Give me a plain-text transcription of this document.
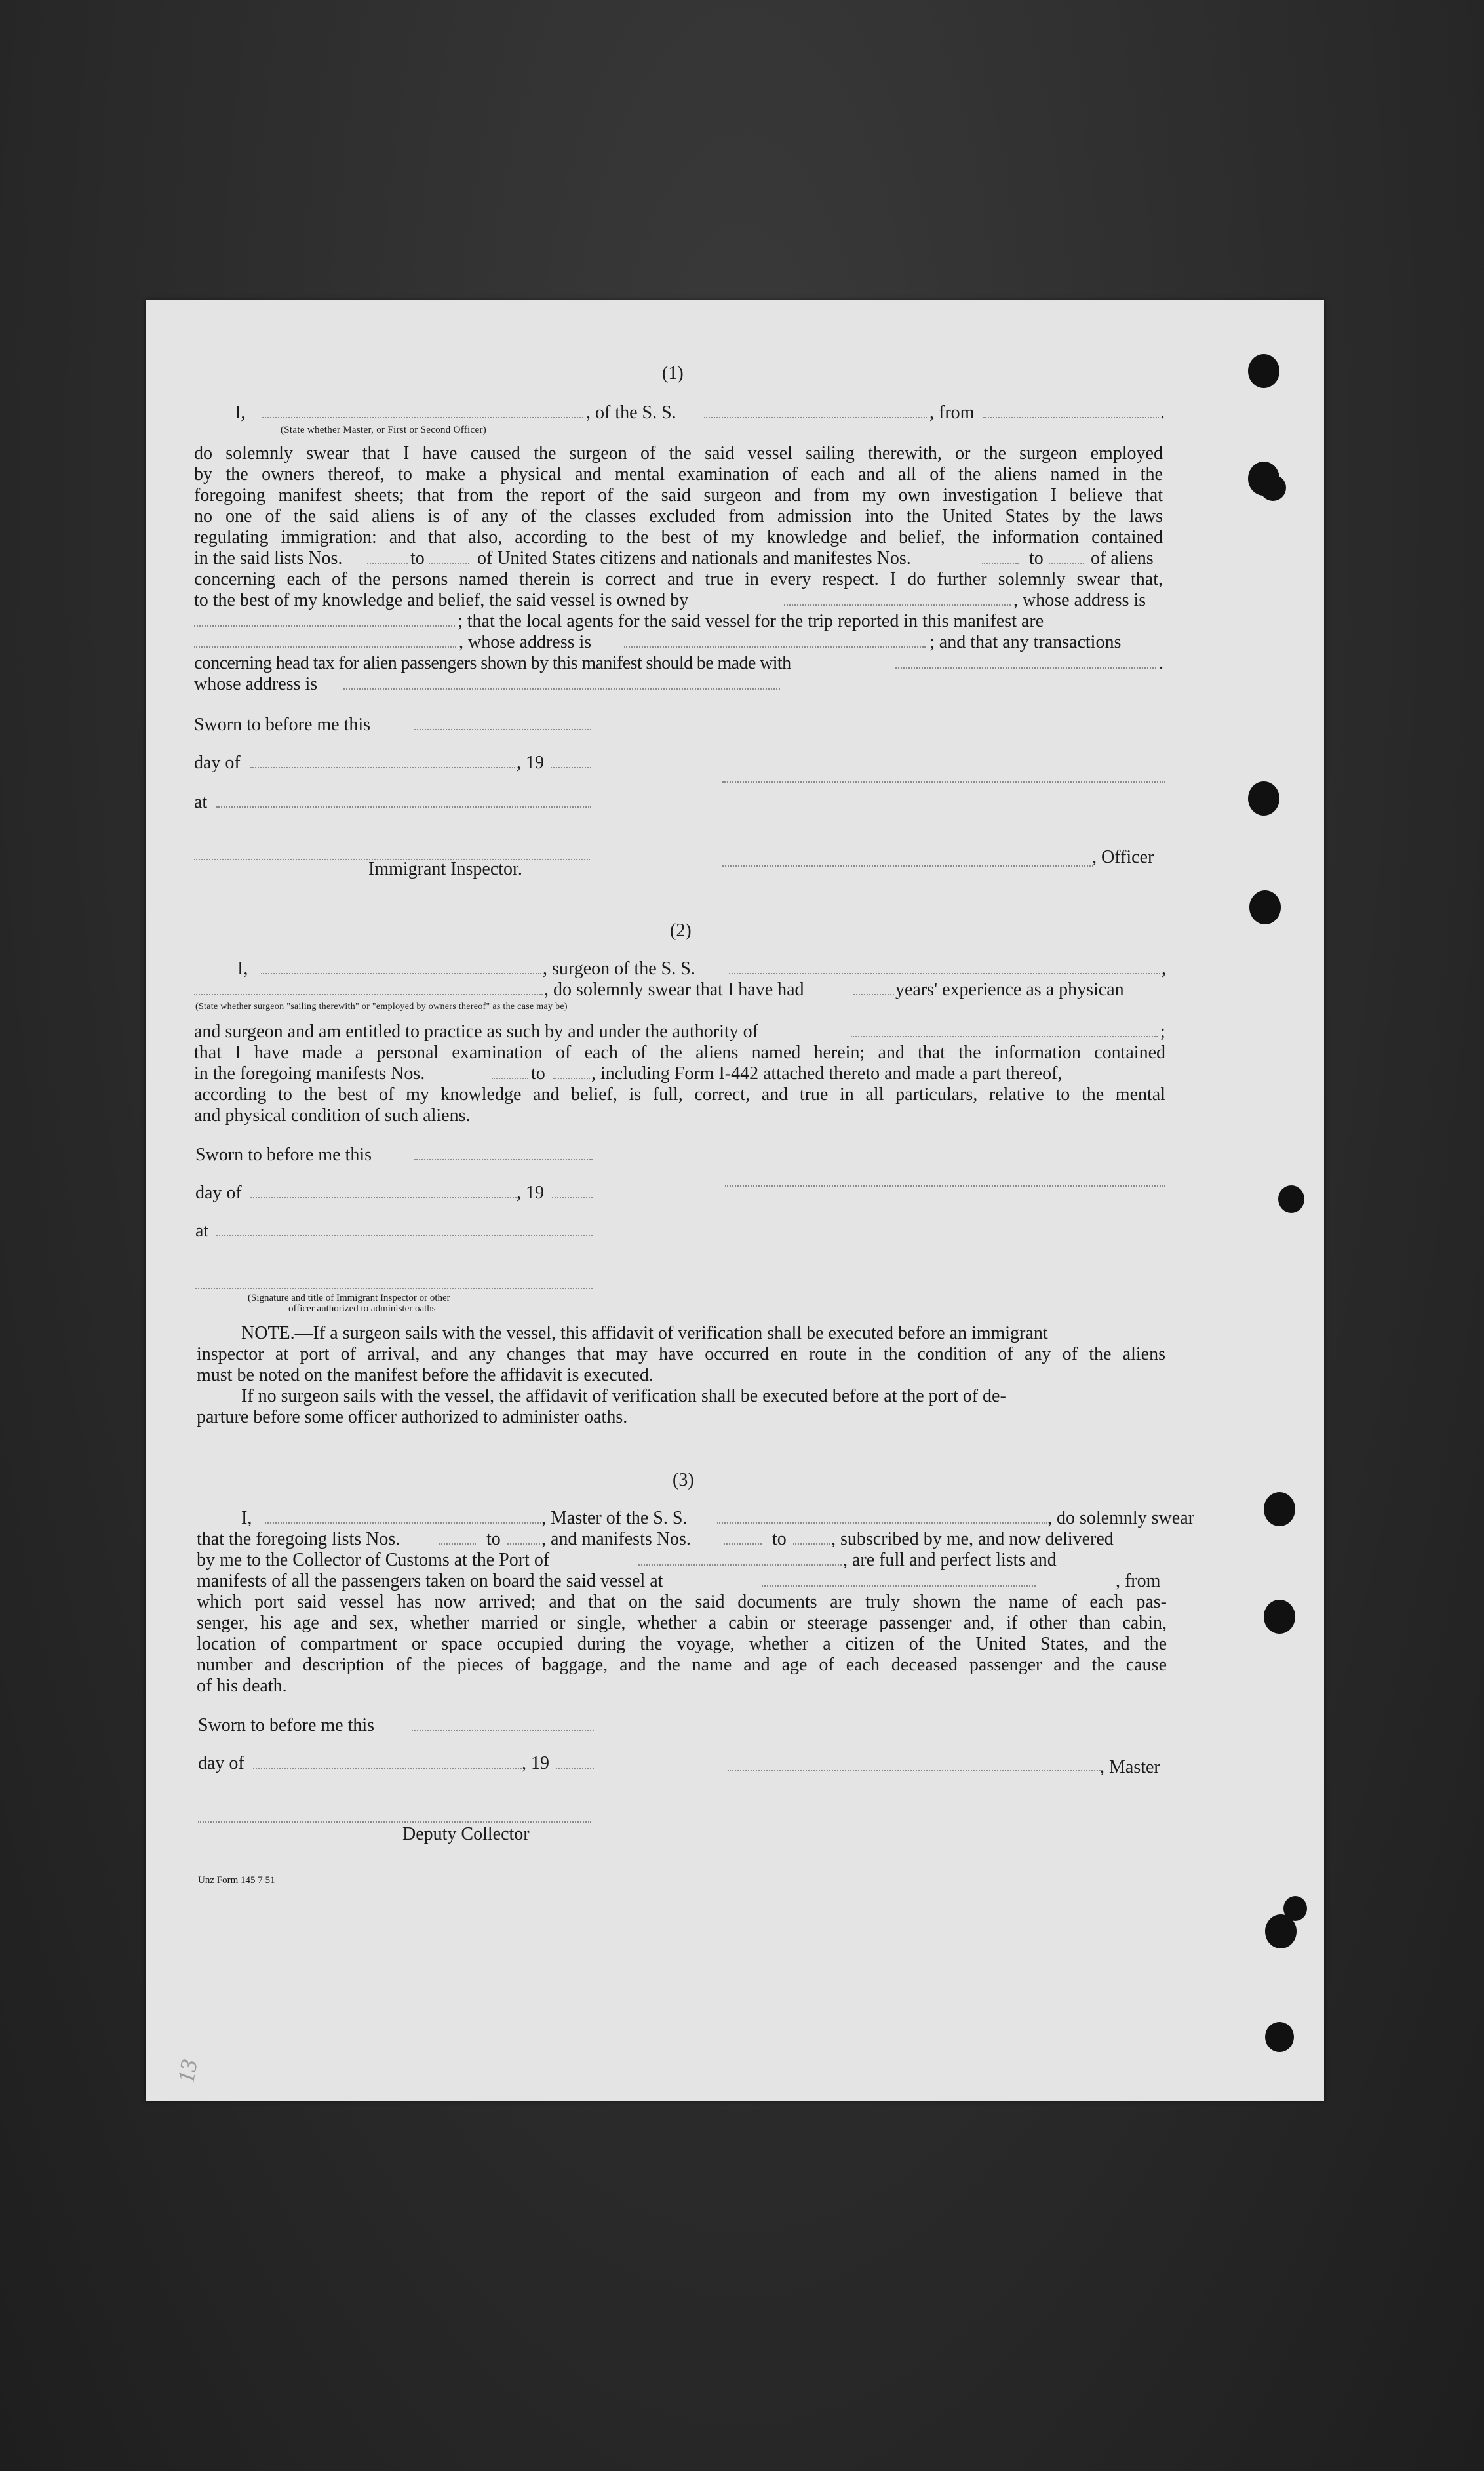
(1)
I,	, of the S. S.	, from	.
(State whether Master, or First or Second Officer)
do solemnly swear that I have caused the surgeon of the said vessel sailing therewith, or the surgeon employed
by the owners thereof, to make a physical and mental examination of each and all of the aliens named in the
foregoing manifest sheets; that from the report of the said surgeon and from my own investigation I believe that
no one of the said aliens is of any of the classes excluded from admission into the United States by the laws
regulating immigration: and that also, according to the best of my knowledge and belief, the information contained
in the said lists Nos.	to	of United States citizens and nationals and manifestes Nos.	to	of aliens
concerning each of the persons named therein is correct and true in every respect. I do further solemnly swear that,
to the best of my knowledge and belief, the said vessel is owned by	, whose address is
; that the local agents for the said vessel for the trip reported in this manifest are
, whose address is	; and that any transactions
concerning head tax for alien passengers shown by this manifest should be made with	.
whose address is
Sworn to before me this
day of	, 19
at
, Officer
Immigrant Inspector.
(2)
I,	, surgeon of the S. S.	,
, do solemnly swear that I have had	years' experience as a physican
(State whether surgeon "sailing therewith" or "employed by owners thereof" as the case may be)
and surgeon and am entitled to practice as such by and under the authority of	;
that I have made a personal examination of each of the aliens named herein; and that the information contained
in the foregoing manifests Nos.	to	, including Form I-442 attached thereto and made a part thereof,
according to the best of my knowledge and belief, is full, correct, and true in all particulars, relative to the mental
and physical condition of such aliens.
Sworn to before me this
day of	, 19
at
(Signature and title of Immigrant Inspector or other
officer authorized to administer oaths
NOTE.—If a surgeon sails with the vessel, this affidavit of verification shall be executed before an immigrant
inspector at port of arrival, and any changes that may have occurred en route in the condition of any of the aliens
must be noted on the manifest before the affidavit is executed.
If no surgeon sails with the vessel, the affidavit of verification shall be executed before at the port of de-
parture before some officer authorized to administer oaths.
(3)
I,	, Master of the S. S.	, do solemnly swear
that the foregoing lists Nos.	to , and manifests Nos.	to , subscribed by me, and now delivered
by me to the Collector of Customs at the Port of	, are full and perfect lists and
manifests of all the passengers taken on board the said vessel at	, from
which port said vessel has now arrived; and that on the said documents are truly shown the name of each pas-
senger, his age and sex, whether married or single, whether a cabin or steerage passenger and, if other than cabin,
location of compartment or space occupied during the voyage, whether a citizen of the United States, and the
number and description of the pieces of baggage, and the name and age of each deceased passenger and the cause
of his death.
Sworn to before me this
day of	, 19	, Master
Deputy Collector
Unz Form 145 7 51
13
